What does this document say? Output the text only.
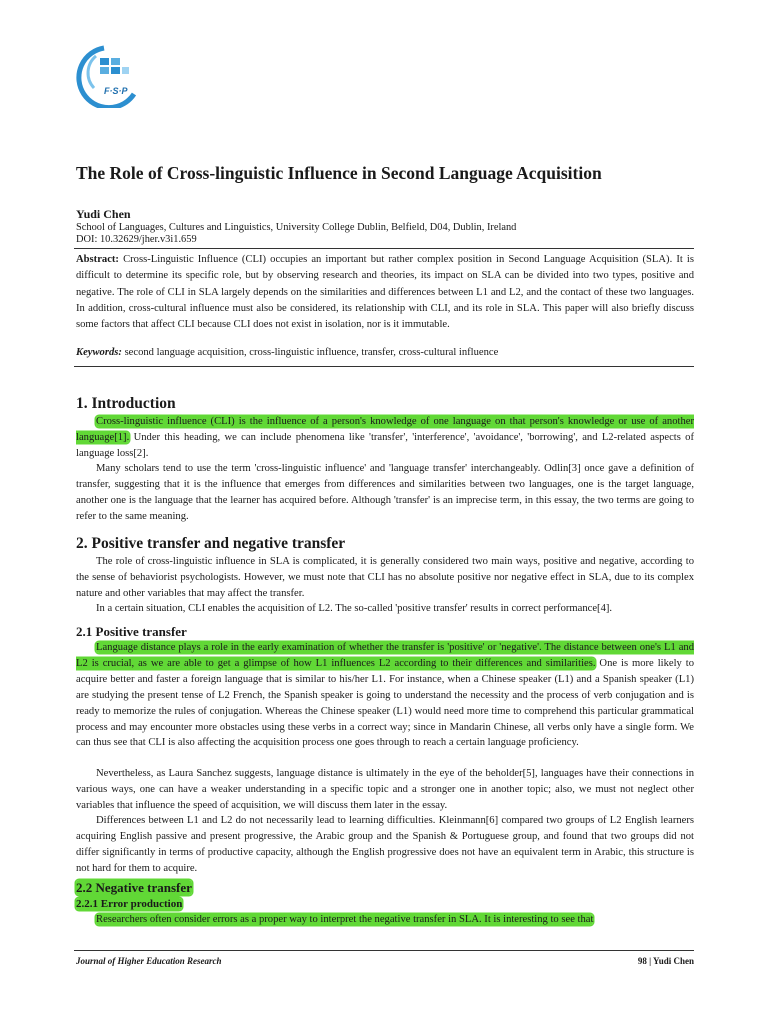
F·S·P
The Role of Cross-linguistic Influence in Second Language Acquisition
Yudi Chen
School of Languages, Cultures and Linguistics, University College Dublin, Belfield, D04, Dublin, Ireland
DOI: 10.32629/jher.v3i1.659
Abstract: Cross-Linguistic Influence (CLI) occupies an important but rather complex position in Second Language Acquisition (SLA). It is difficult to determine its specific role, but by observing research and theories, its impact on SLA can be divided into two types, positive and negative. The role of CLI in SLA largely depends on the similarities and differences between L1 and L2, and the contact of these two languages. In addition, cross-cultural influence must also be considered, its relationship with CLI, and its role in SLA. This paper will also briefly discuss some factors that affect CLI because CLI does not exist in isolation, nor is it immutable.
Keywords: second language acquisition, cross-linguistic influence, transfer, cross-cultural influence
1. Introduction

Cross-linguistic influence (CLI) is the influence of a person's knowledge of one language on that person's knowledge or use of another language[1]. Under this heading, we can include phenomena like 'transfer', 'interference', 'avoidance', 'borrowing', and L2-related aspects of language loss[2].

Many scholars tend to use the term 'cross-linguistic influence' and 'language transfer' interchangeably. Odlin[3] once gave a definition of transfer, suggesting that it is the influence that emerges from differences and similarities between two languages, one is the target language, another one is the language that the learner has acquired before. Although 'transfer' is an imprecise term, in this essay, the two terms are going to refer to the same meaning.

2. Positive transfer and negative transfer

The role of cross-linguistic influence in SLA is complicated, it is generally considered two main ways, positive and negative, according to the sense of behaviorist psychologists. However, we must note that CLI has no absolute positive nor negative effect in SLA, due to its complex nature and other variables that may affect the transfer.

In a certain situation, CLI enables the acquisition of L2. The so-called 'positive transfer' results in correct performance[4].

2.1 Positive transfer

Language distance plays a role in the early examination of whether the transfer is 'positive' or 'negative'. The distance between one's L1 and L2 is crucial, as we are able to get a glimpse of how L1 influences L2 according to their differences and similarities. One is more likely to acquire better and faster a foreign language that is similar to his/her L1. For instance, when a Chinese speaker (L1) and a Spanish speaker (L1) are studying the present tense of L2 French, the Spanish speaker is going to understand the necessity and the process of verb conjugation and is ready to memorize the rules of conjugation. Whereas the Chinese speaker (L1) would need more time to comprehend this particular grammatical process and may encounter more obstacles using these verbs in a correct way; since in Mandarin Chinese, all verbs only have a single form. We can thus see that CLI is also affecting the acquisition process one goes through to reach a certain language proficiency.

Nevertheless, as Laura Sanchez suggests, language distance is ultimately in the eye of the beholder[5], languages have their connections in various ways, one can have a weaker understanding in a specific topic and a stronger one in another topic; also, we must not neglect other variables that influence the speed of acquisition, we will discuss them later in the essay.

Differences between L1 and L2 do not necessarily lead to learning difficulties. Kleinmann[6] compared two groups of L2 English learners acquiring English passive and present progressive, the Arabic group and the Spanish & Portuguese group, and found that two groups did not differ significantly in terms of productive capacity, although the English progressive does not have an equivalent term in Arabic, this structure is not hard for them to acquire.

2.2 Negative transfer
2.2.1 Error production

Researchers often consider errors as a proper way to interpret the negative transfer in SLA. It is interesting to see that

Journal of Higher Education Research	98 | Yudi Chen
